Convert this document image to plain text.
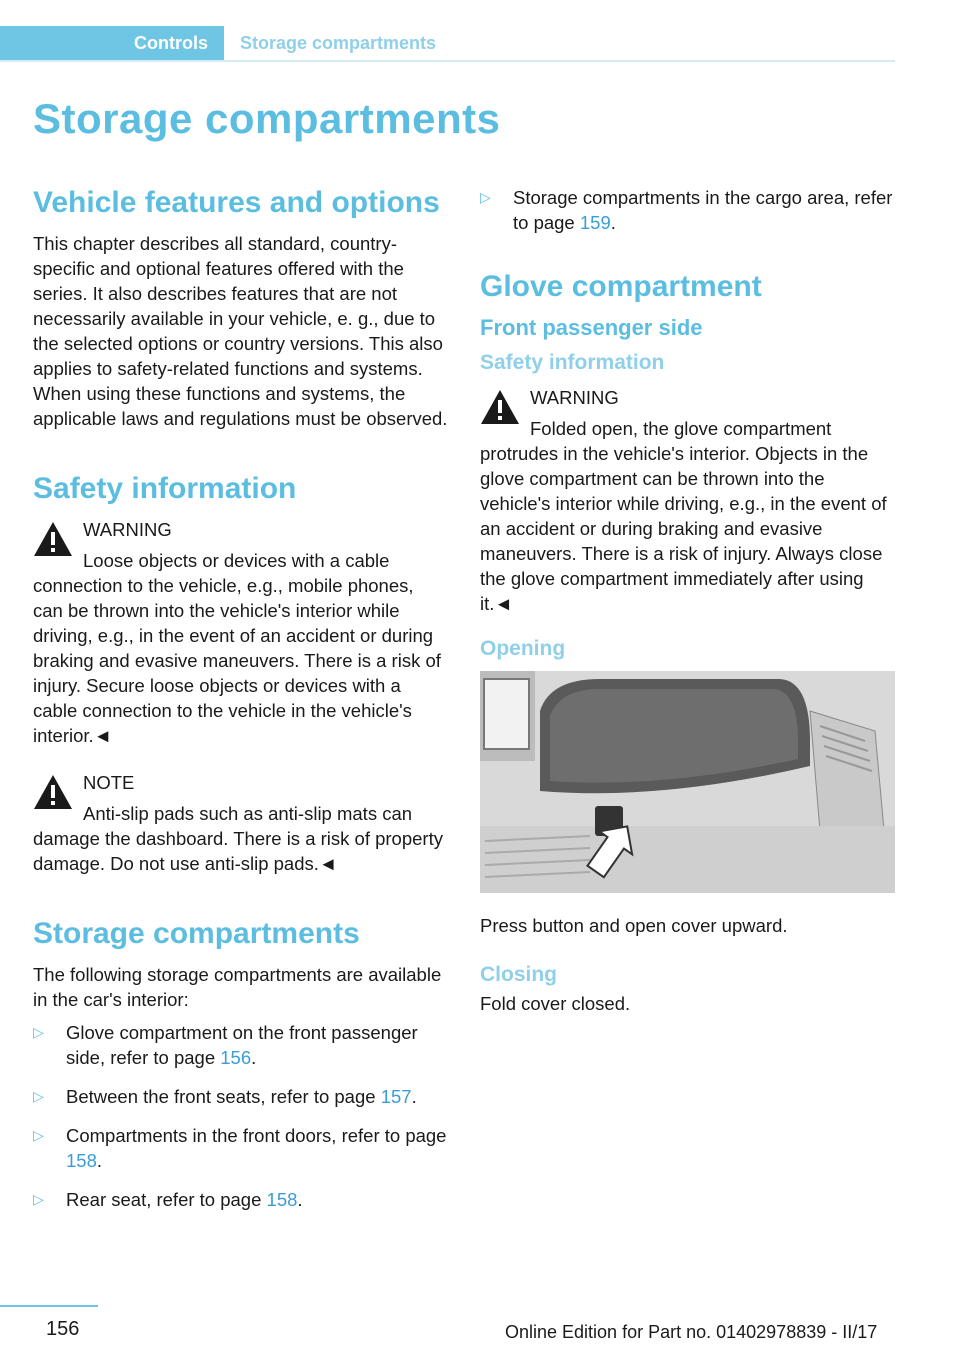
Controls Storage compartments
Storage compartments
Vehicle features and options

This chapter describes all standard, country-specific and optional features offered with the series. It also describes features that are not necessarily available in your vehicle, e. g., due to the selected options or country versions. This also applies to safety-related functions and systems. When using these functions and systems, the applicable laws and regulations must be observed.

Safety information
WARNING
Loose objects or devices with a cable connection to the vehicle, e.g., mobile phones, can be thrown into the vehicle's interior while driving, e.g., in the event of an accident or during braking and evasive maneuvers. There is a risk of injury. Secure loose objects or devices with a cable connection to the vehicle in the vehicle's interior.◄
NOTE
Anti-slip pads such as anti-slip mats can damage the dashboard. There is a risk of property damage. Do not use anti-slip pads.◄
Storage compartments

The following storage compartments are available in the car's interior:

▷ Glove compartment on the front passenger side, refer to page 156.
▷ Between the front seats, refer to page 157.
▷ Compartments in the front doors, refer to page 158.
▷ Rear seat, refer to page 158.
▷ Storage compartments in the cargo area, refer to page 159.
Glove compartment
Front passenger side
Safety information
WARNING
Folded open, the glove compartment protrudes in the vehicle's interior. Objects in the glove compartment can be thrown into the vehicle's interior while driving, e.g., in the event of an accident or during braking and evasive maneuvers. There is a risk of injury. Always close the glove compartment immediately after using it.◄
Opening

Press button and open cover upward.

Closing

Fold cover closed.

156	Online Edition for Part no. 01402978839 - II/17
